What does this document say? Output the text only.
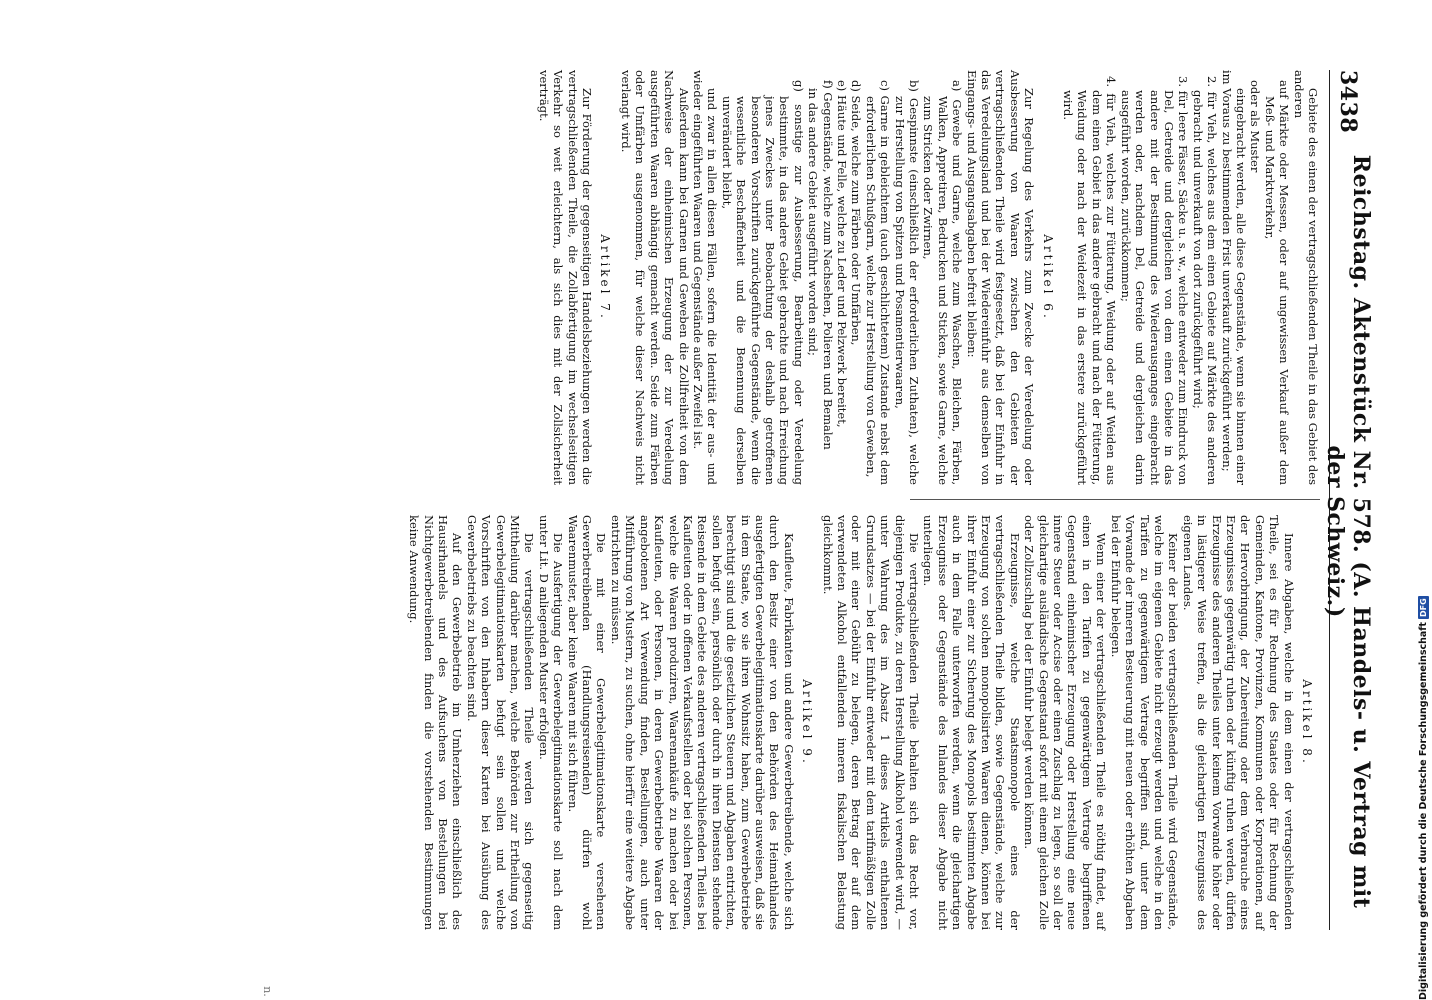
3438
Reichstag. Aktenstück Nr. 578. (A. Handels- u. Vertrag mit der Schweiz.)

Gebiete des einen der vertragschließenden Theile in das Gebiet des anderen

auf Märkte oder Messen, oder auf ungewissen Verkauf außer dem Meß- und Marktverkehr,

oder als Muster

eingebracht werden, alle diese Gegenstände, wenn sie binnen einer im Voraus zu bestimmenden Frist unverkauft zurückgeführt werden;

2. für Vieh, welches aus dem einen Gebiete auf Märkte des anderen gebracht und unverkauft von dort zurückgeführt wird;

3. für leere Fässer, Säcke u. s. w., welche entweder zum Eindruck von Del, Getreide und dergleichen von dem einen Gebiete in das andere mit der Bestimmung des Wiederausganges eingebracht werden oder, nachdem Del, Getreide und dergleichen darin ausgeführt worden, zurückkommen;

4. für Vieh, welches zur Fütterung, Weidung oder auf Weiden aus dem einen Gebiet in das andere gebracht und nach der Fütterung, Weidung oder nach der Weidezeit in das erstere zurückgeführt wird.

Artikel 6.

Zur Regelung des Verkehrs zum Zwecke der Veredelung oder Ausbesserung von Waaren zwischen den Gebieten der vertragschließenden Theile wird festgesetzt, daß bei der Einfuhr in das Veredelungsland und bei der Wiedereinfuhr aus demselben von Eingangs- und Ausgangsabgaben befreit bleiben:

a) Gewebe und Garne, welche zum Waschen, Bleichen, Färben, Walken, Appretiren, Bedrucken und Sticken, sowie Garne, welche zum Stricken oder Zwirnen,

b) Gespinnste (einschließlich der erforderlichen Zuthaten), welche zur Herstellung von Spitzen und Posamentierwaaren,

c) Garne in gebleichtem (auch geschlichtetem) Zustande nebst dem erforderlichen Schußgarn, welche zur Herstellung von Geweben,

d) Seide, welche zum Färben oder Umfärben,

e) Häute und Felle, welche zu Leder und Pelzwerk bereitet,

f) Gegenstände, welche zum Nachsehen, Polieren und Bemalen

in das andere Gebiet ausgeführt worden sind;

g) sonstige zur Ausbesserung, Bearbeitung oder Veredelung bestimmte, in das andere Gebiet gebrachte und nach Erreichung jenes Zweckes unter Beobachtung der deshalb getroffenen besonderen Vorschriften zurückgeführte Gegenstände, wenn die wesentliche Beschaffenheit und die Benennung derselben unverändert bleibt,

und zwar in allen diesen Fällen, sofern die Identität der aus- und wieder eingeführten Waaren und Gegenstände außer Zweifel ist.

Außerdem kann bei Garnen und Geweben die Zollfreiheit von dem Nachweise der einheimischen Erzeugung der zur Veredelung ausgeführten Waaren abhängig gemacht werden. Seide zum Färben oder Umfärben ausgenommen, für welche dieser Nachweis nicht verlangt wird.

Artikel 7.

Zur Förderung der gegenseitigen Handelsbeziehungen werden die vertragschließenden Theile, die Zollabfertigung im wechselseitigen Verkehr so weit erleichtern, als sich dies mit der Zollsicherheit verträgt.

Artikel 8.

Innere Abgaben, welche in dem einen der vertragschließenden Theile, sei es für Rechnung des Staates oder für Rechnung der Gemeinden, Kantone, Provinzen, Kommunen oder Korporationen, auf der Hervorbringung, der Zubereitung oder dem Verbrauche eines Erzeugnisses gegenwärtig ruhen oder künftig ruhen werden, dürfen Erzeugnisse des anderen Theiles unter keinem Vorwande höher oder in lästigerer Weise treffen, als die gleichartigen Erzeugnisse des eigenen Landes.

Keiner der beiden vertragschließenden Theile wird Gegenstände, welche im eigenen Gebiete nicht erzeugt werden und welche in den Tarifen zu gegenwärtigem Vertrage begriffen sind, unter dem Vorwande der inneren Besteuerung mit neuen oder erhöhten Abgaben bei der Einfuhr belegen.

Wenn einer der vertragschließenden Theile es nöthig findet, auf einen in den Tarifen zu gegenwärtigem Vertrage begriffenen Gegenstand einheimischer Erzeugung oder Herstellung eine neue innere Steuer oder Accise oder einen Zuschlag zu legen, so soll der gleichartige ausländische Gegenstand sofort mit einem gleichen Zolle oder Zollzuschlag bei der Einfuhr belegt werden können.

Erzeugnisse, welche Staatsmonopole eines der vertragschließenden Theile bilden, sowie Gegenstände, welche zur Erzeugung von solchen monopolisirten Waaren dienen, können bei ihrer Einfuhr einer zur Sicherung des Monopols bestimmten Abgabe auch in dem Falle unterworfen werden, wenn die gleichartigen Erzeugnisse oder Gegenstände des Inlandes dieser Abgabe nicht unterliegen.

Die vertragschließenden Theile behalten sich das Recht vor, diejenigen Produkte, zu deren Herstellung Alkohol verwendet wird, — unter Wahrung des im Absatz 1 dieses Artikels enthaltenen Grundsatzes — bei der Einfuhr entweder mit dem tarifmäßigen Zolle oder mit einer Gebühr zu belegen, deren Betrag der auf dem verwendeten Alkohol entfallenden inneren fiskalischen Belastung gleichkommt.

Artikel 9.

Kaufleute, Fabrikanten und andere Gewerbetreibende, welche sich durch den Besitz einer von den Behörden des Heimathlandes ausgefertigten Gewerbelegitimationskarte darüber ausweisen, daß sie in dem Staate, wo sie ihren Wohnsitz haben, zum Gewerbebetriebe berechtigt sind und die gesetzlichen Steuern und Abgaben entrichten, sollen befugt sein, persönlich oder durch in ihren Diensten stehende Reisende in dem Gebiete des anderen vertragschließenden Theiles bei Kaufleuten oder in offenen Verkaufsstellen oder bei solchen Personen, welche die Waaren produziren, Waarenankäufe zu machen oder bei Kaufleuten, oder Personen, in deren Gewerbebetriebe Waaren der angebotenen Art Verwendung finden, Bestellungen, auch unter Mitführung von Mustern, zu suchen, ohne hierfür eine weitere Abgabe entrichten zu müssen.

Die mit einer Gewerbelegitimationskarte versehenen Gewerbetreibenden (Handlungsreisenden) dürfen wohl Waarenmuster, aber keine Waaren mit sich führen.

Die Ausfertigung der Gewerbelegitimationskarte soll nach dem unter Lit. D anliegenden Muster erfolgen.

Die vertragschließenden Theile werden sich gegenseitig Mittheilung darüber machen, welche Behörden zur Ertheilung von Gewerbelegitimationskarten befugt sein sollen und welche Vorschriften von den Inhabern dieser Karten bei Ausübung des Gewerbebetriebs zu beachten sind.

Auf den Gewerbebetrieb im Umherziehen einschließlich des Hausirhandels und des Aufsuchens von Bestellungen bei Nichtgewerbetreibenden finden die vorstehenden Bestimmungen keine Anwendung.

n.	Digitalisierung gefördert durch die Deutsche Forschungsgemeinschaft
DFG
